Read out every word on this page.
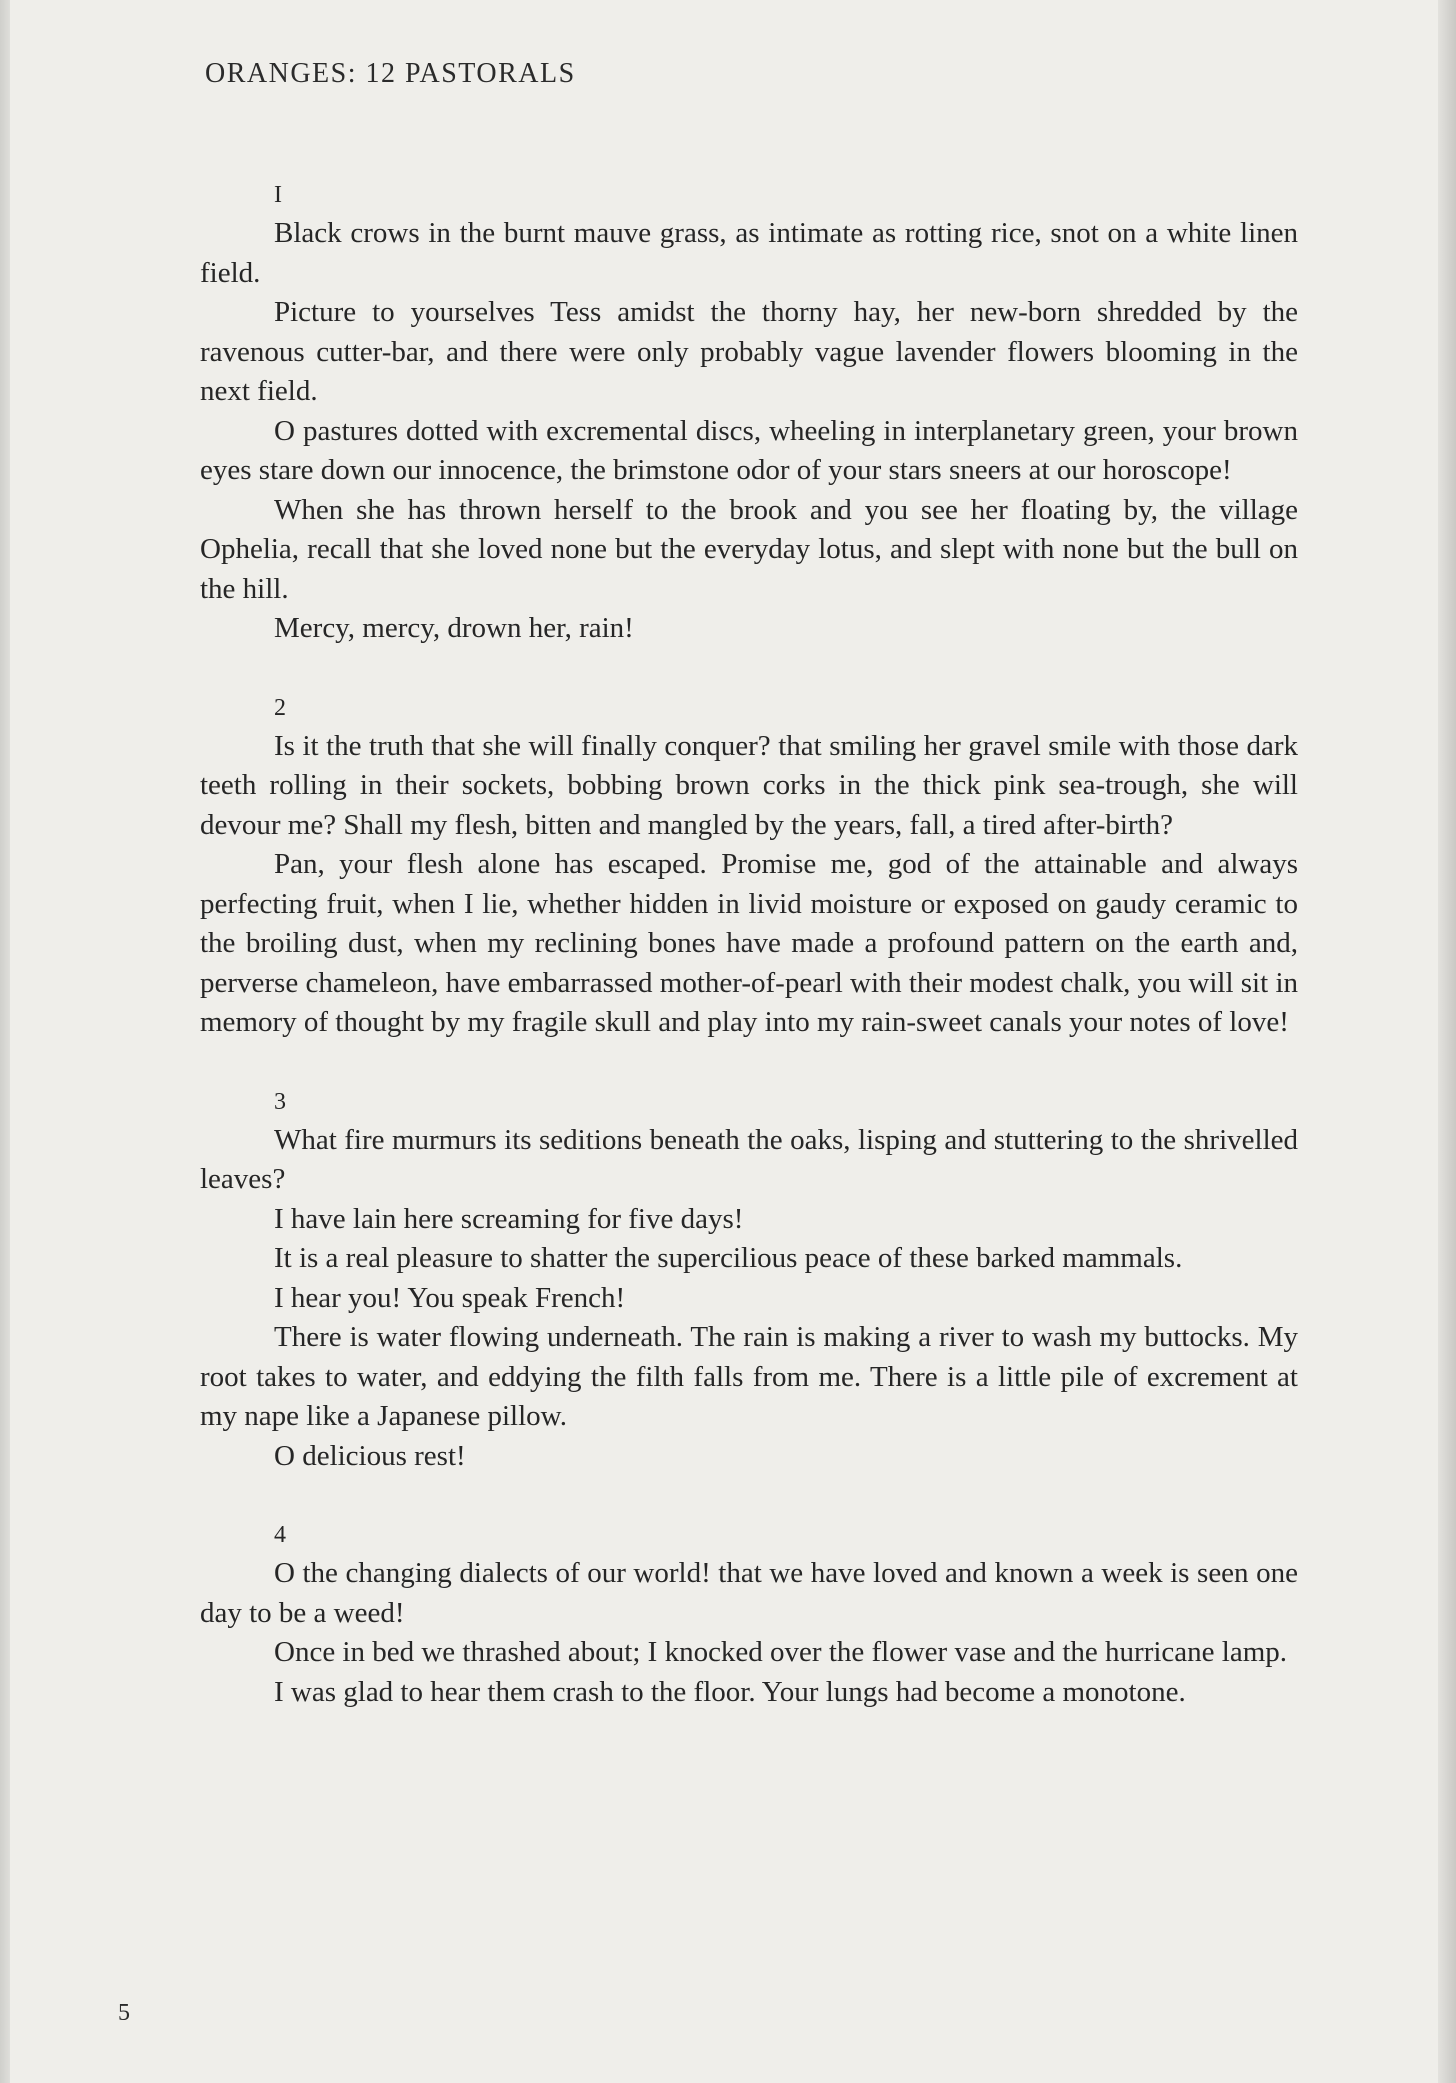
ORANGES: 12 PASTORALS
I

Black crows in the burnt mauve grass, as intimate as rotting rice, snot on a white linen field.

Picture to yourselves Tess amidst the thorny hay, her new-born shredded by the ravenous cutter-bar, and there were only probably vague lavender flowers blooming in the next field.

O pastures dotted with excremental discs, wheeling in interplanetary green, your brown eyes stare down our innocence, the brimstone odor of your stars sneers at our horoscope!

When she has thrown herself to the brook and you see her floating by, the village Ophelia, recall that she loved none but the everyday lotus, and slept with none but the bull on the hill.

Mercy, mercy, drown her, rain!

2

Is it the truth that she will finally conquer? that smiling her gravel smile with those dark teeth rolling in their sockets, bobbing brown corks in the thick pink sea-trough, she will devour me? Shall my flesh, bitten and mangled by the years, fall, a tired after-birth?

Pan, your flesh alone has escaped. Promise me, god of the attainable and always perfecting fruit, when I lie, whether hidden in livid moisture or exposed on gaudy ceramic to the broiling dust, when my reclining bones have made a profound pattern on the earth and, perverse chameleon, have embarrassed mother-of-pearl with their modest chalk, you will sit in memory of thought by my fragile skull and play into my rain-sweet canals your notes of love!

3

What fire murmurs its seditions beneath the oaks, lisping and stuttering to the shrivelled leaves?

I have lain here screaming for five days!

It is a real pleasure to shatter the supercilious peace of these barked mammals.

I hear you! You speak French!

There is water flowing underneath. The rain is making a river to wash my buttocks. My root takes to water, and eddying the filth falls from me. There is a little pile of excrement at my nape like a Japanese pillow.

O delicious rest!

4

O the changing dialects of our world! that we have loved and known a week is seen one day to be a weed!

Once in bed we thrashed about; I knocked over the flower vase and the hurricane lamp.

I was glad to hear them crash to the floor. Your lungs had become a monotone.

5
